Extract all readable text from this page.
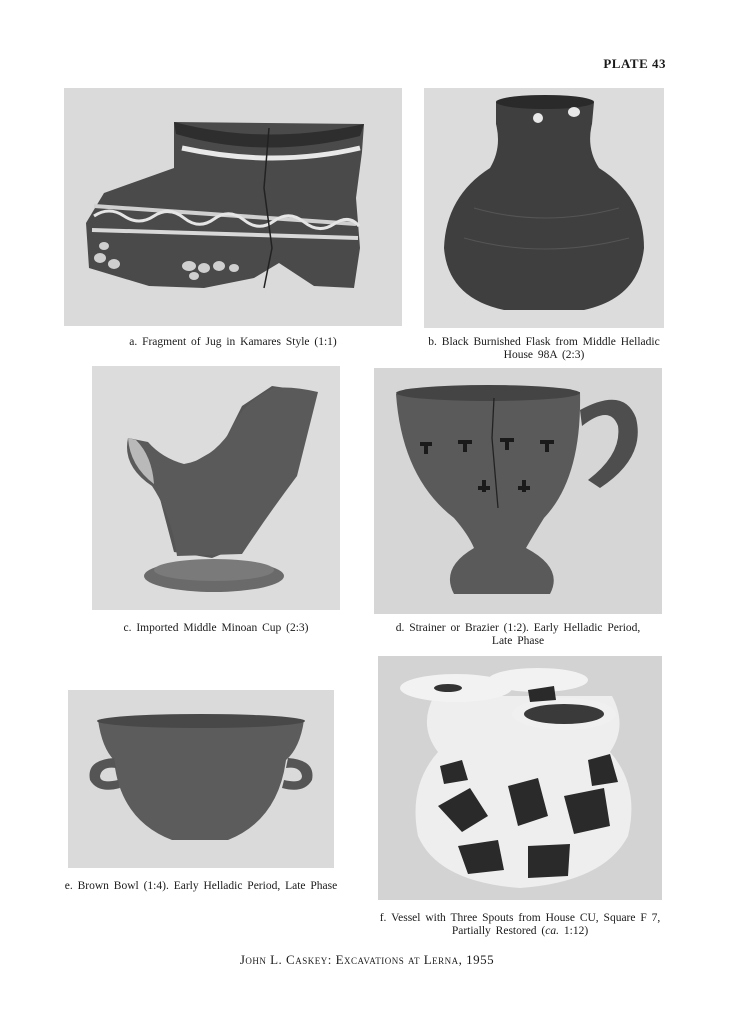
PLATE 43
a. Fragment of Jug in Kamares Style (1:1)	b. Black Burnished Flask from Middle Helladic
House 98A (2:3)
c. Imported Middle Minoan Cup (2:3)	d. Strainer or Brazier (1:2). Early Helladic Period,
Late Phase
e. Brown Bowl (1:4). Early Helladic Period, Late Phase
f. Vessel with Three Spouts from House CU, Square F 7,
Partially Restored (ca. 1:12)
John L. Caskey: Excavations at Lerna, 1955
